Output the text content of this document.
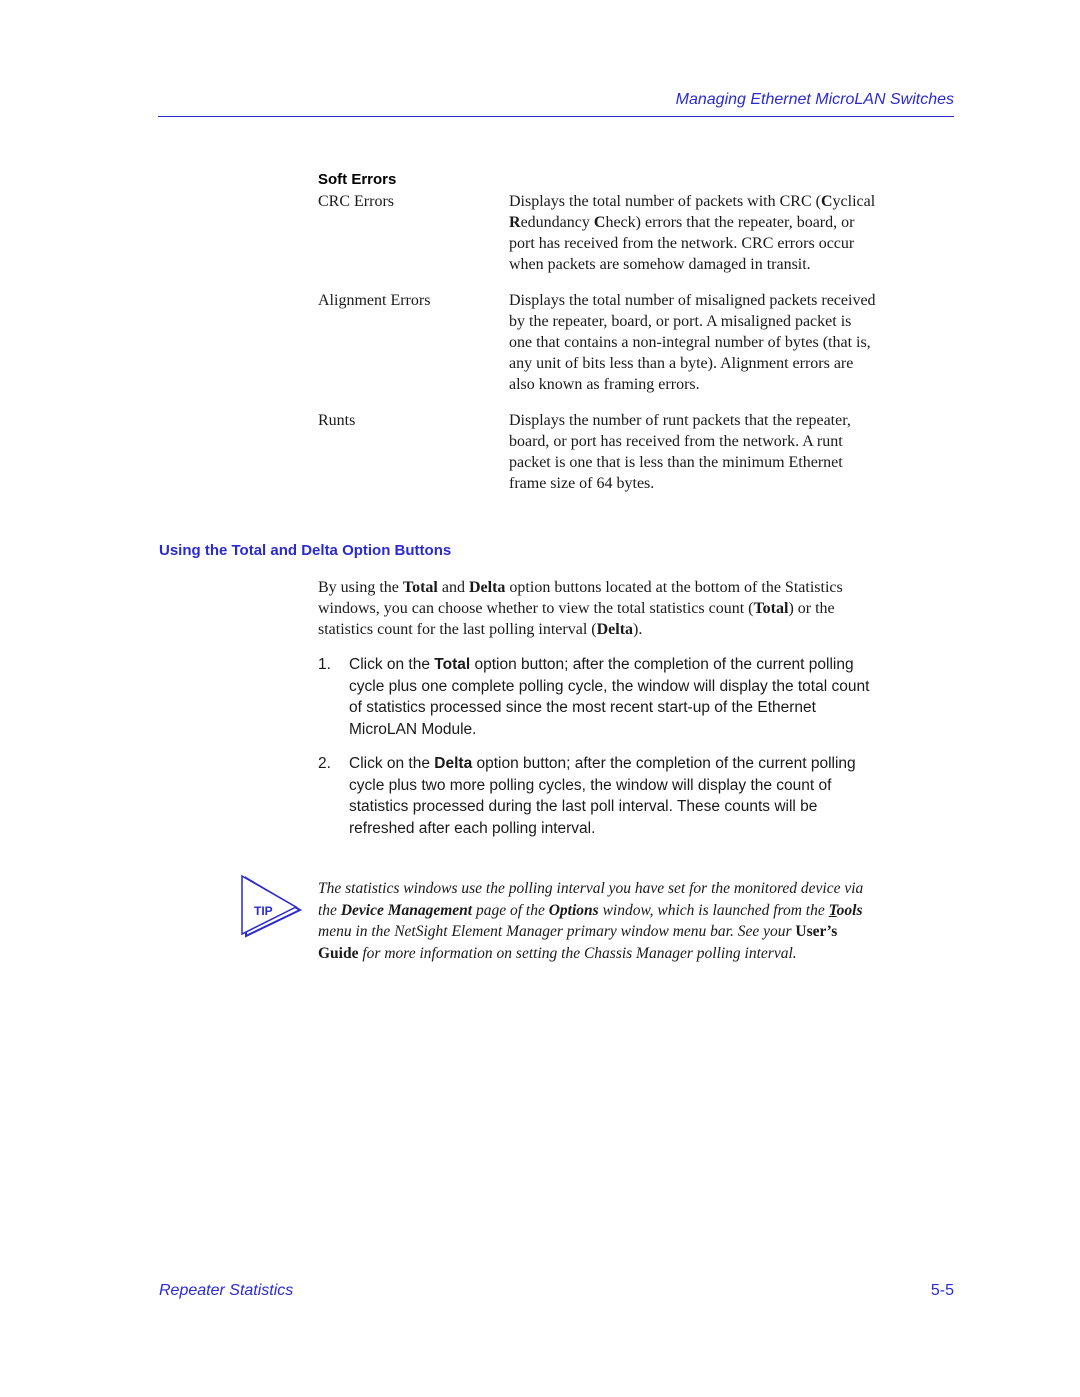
Managing Ethernet MicroLAN Switches
Soft Errors
CRC Errors	Displays the total number of packets with CRC (Cyclical

Redundancy Check) errors that the repeater, board, or

port has received from the network. CRC errors occur

when packets are somehow damaged in transit.

Alignment Errors	Displays the total number of misaligned packets received

by the repeater, board, or port. A misaligned packet is

one that contains a non-integral number of bytes (that is,

any unit of bits less than a byte). Alignment errors are

also known as framing errors.

Runts	Displays the number of runt packets that the repeater,

board, or port has received from the network. A runt

packet is one that is less than the minimum Ethernet

frame size of 64 bytes.

Using the Total and Delta Option Buttons

By using the Total and Delta option buttons located at the bottom of the Statistics

windows, you can choose whether to view the total statistics count (Total) or the

statistics count for the last polling interval (Delta).

1. Click on the Total option button; after the completion of the current polling

cycle plus one complete polling cycle, the window will display the total count

of statistics processed since the most recent start-up of the Ethernet

MicroLAN Module.

2. Click on the Delta option button; after the completion of the current polling

cycle plus two more polling cycles, the window will display the count of

statistics processed during the last poll interval. These counts will be

refreshed after each polling interval.

TIP

The statistics windows use the polling interval you have set for the monitored device via

the Device Management page of the Options window, which is launched from the Tools

menu in the NetSight Element Manager primary window menu bar. See your User’s

Guide for more information on setting the Chassis Manager polling interval.

Repeater Statistics	5-5
